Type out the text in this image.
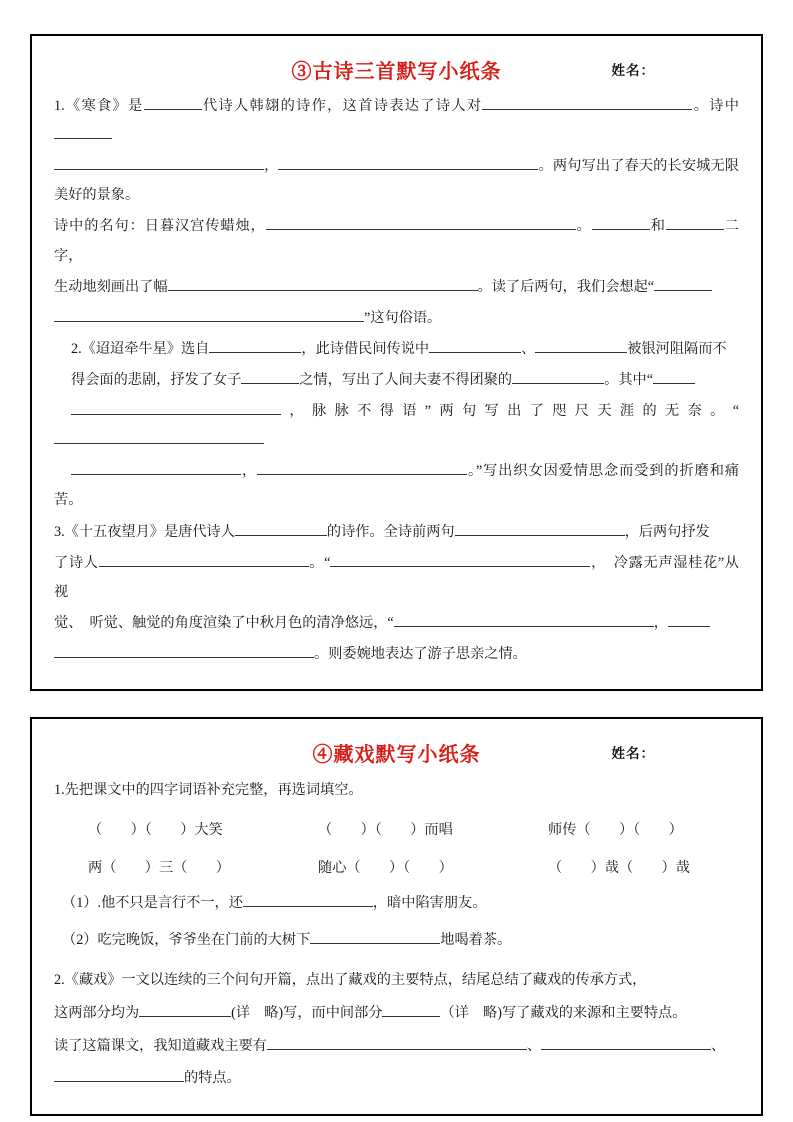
③古诗三首默写小纸条	姓名：

1.《寒食》是	代诗人韩翃的诗作，这首诗表达了诗人对	。诗中

，	。两句写出了春天的长安城无限美好的景象。

诗中的名句：日暮汉宫传蜡烛，	。	和	二字，

生动地刻画出了幅	。读了后两句，我们会想起“

”这句俗语。

2.《迢迢牵牛星》选自	，此诗借民间传说中	、	被银河阻隔而不

得会面的悲剧，抒发了女子	之情，写出了人间夫妻不得团聚的	。其中“

，脉脉不得语”两句写出了咫尺天涯的无奈。“

，	。”写出织女因爱情思念而受到的折磨和痛苦。

3.《十五夜望月》是唐代诗人	的诗作。全诗前两句	，后两句抒发

了诗人	。“	，　冷露无声湿桂花”从视

觉、　听觉、触觉的角度渲染了中秋月色的清净悠远，“	，

。则委婉地表达了游子思亲之情。

④藏戏默写小纸条	姓名：

1.先把课文中的四字词语补充完整，再选词填空。

（　　）（　　）大笑	（　　）（　　）而唱	师传（　　）（　　）
两（　　）三（　　）	随心（　　）（　　）	（　　）哉（　　）哉

（1）.他不只是言行不一，还	，暗中陷害朋友。

（2）吃完晚饭，爷爷坐在门前的大树下	地喝着茶。

2.《藏戏》一文以连续的三个问句开篇，点出了藏戏的主要特点，结尾总结了藏戏的传承方式，

这两部分均为	(详　略)写，而中间部分	（详　略)写了藏戏的来源和主要特点。

读了这篇课文，我知道藏戏主要有	、	、

的特点。
